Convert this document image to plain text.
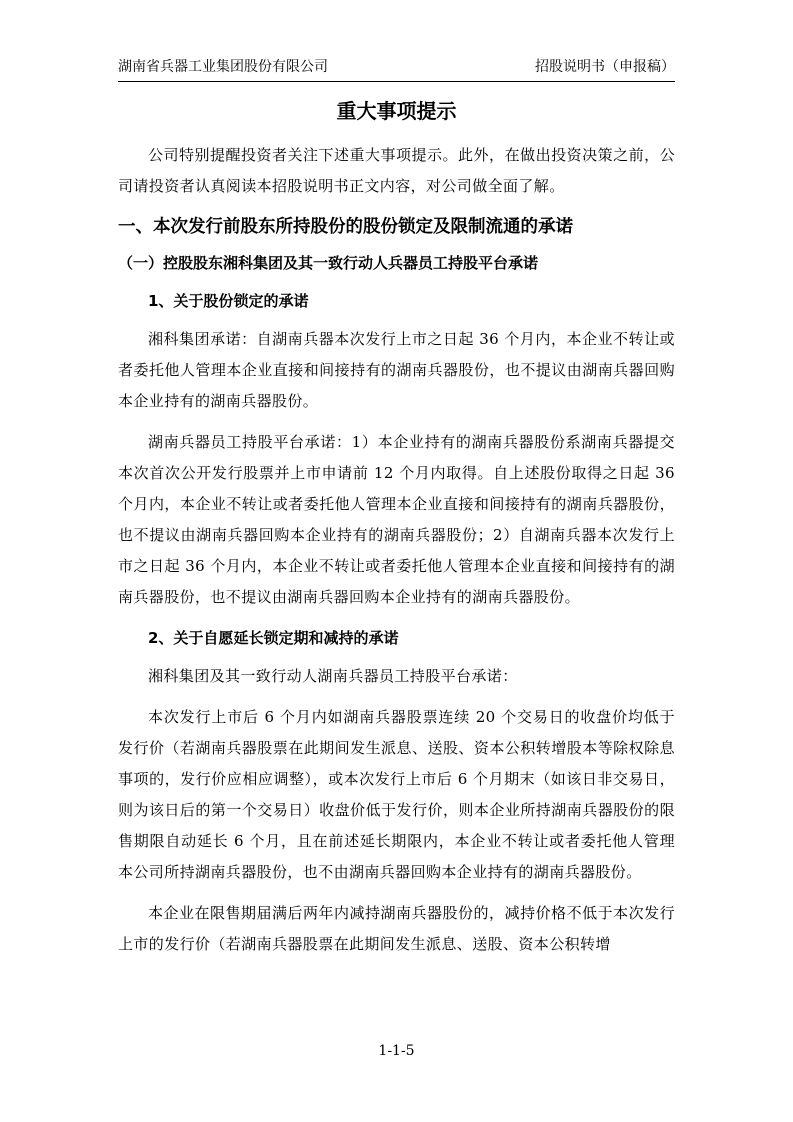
湖南省兵器工业集团股份有限公司	招股说明书（申报稿）
重大事项提示

公司特别提醒投资者关注下述重大事项提示。此外，在做出投资决策之前，公司请投资者认真阅读本招股说明书正文内容，对公司做全面了解。

一、本次发行前股东所持股份的股份锁定及限制流通的承诺
（一）控股股东湘科集团及其一致行动人兵器员工持股平台承诺
1、关于股份锁定的承诺

湘科集团承诺：自湖南兵器本次发行上市之日起 36 个月内，本企业不转让或者委托他人管理本企业直接和间接持有的湖南兵器股份，也不提议由湖南兵器回购本企业持有的湖南兵器股份。

湖南兵器员工持股平台承诺：1）本企业持有的湖南兵器股份系湖南兵器提交本次首次公开发行股票并上市申请前 12 个月内取得。自上述股份取得之日起 36 个月内，本企业不转让或者委托他人管理本企业直接和间接持有的湖南兵器股份，也不提议由湖南兵器回购本企业持有的湖南兵器股份；2）自湖南兵器本次发行上市之日起 36 个月内，本企业不转让或者委托他人管理本企业直接和间接持有的湖南兵器股份，也不提议由湖南兵器回购本企业持有的湖南兵器股份。

2、关于自愿延长锁定期和减持的承诺

湘科集团及其一致行动人湖南兵器员工持股平台承诺：

本次发行上市后 6 个月内如湖南兵器股票连续 20 个交易日的收盘价均低于发行价（若湖南兵器股票在此期间发生派息、送股、资本公积转增股本等除权除息事项的，发行价应相应调整），或本次发行上市后 6 个月期末（如该日非交易日，则为该日后的第一个交易日）收盘价低于发行价，则本企业所持湖南兵器股份的限售期限自动延长 6 个月，且在前述延长期限内，本企业不转让或者委托他人管理本公司所持湖南兵器股份，也不由湖南兵器回购本企业持有的湖南兵器股份。

本企业在限售期届满后两年内减持湖南兵器股份的，减持价格不低于本次发行上市的发行价（若湖南兵器股票在此期间发生派息、送股、资本公积转增

1-1-5
